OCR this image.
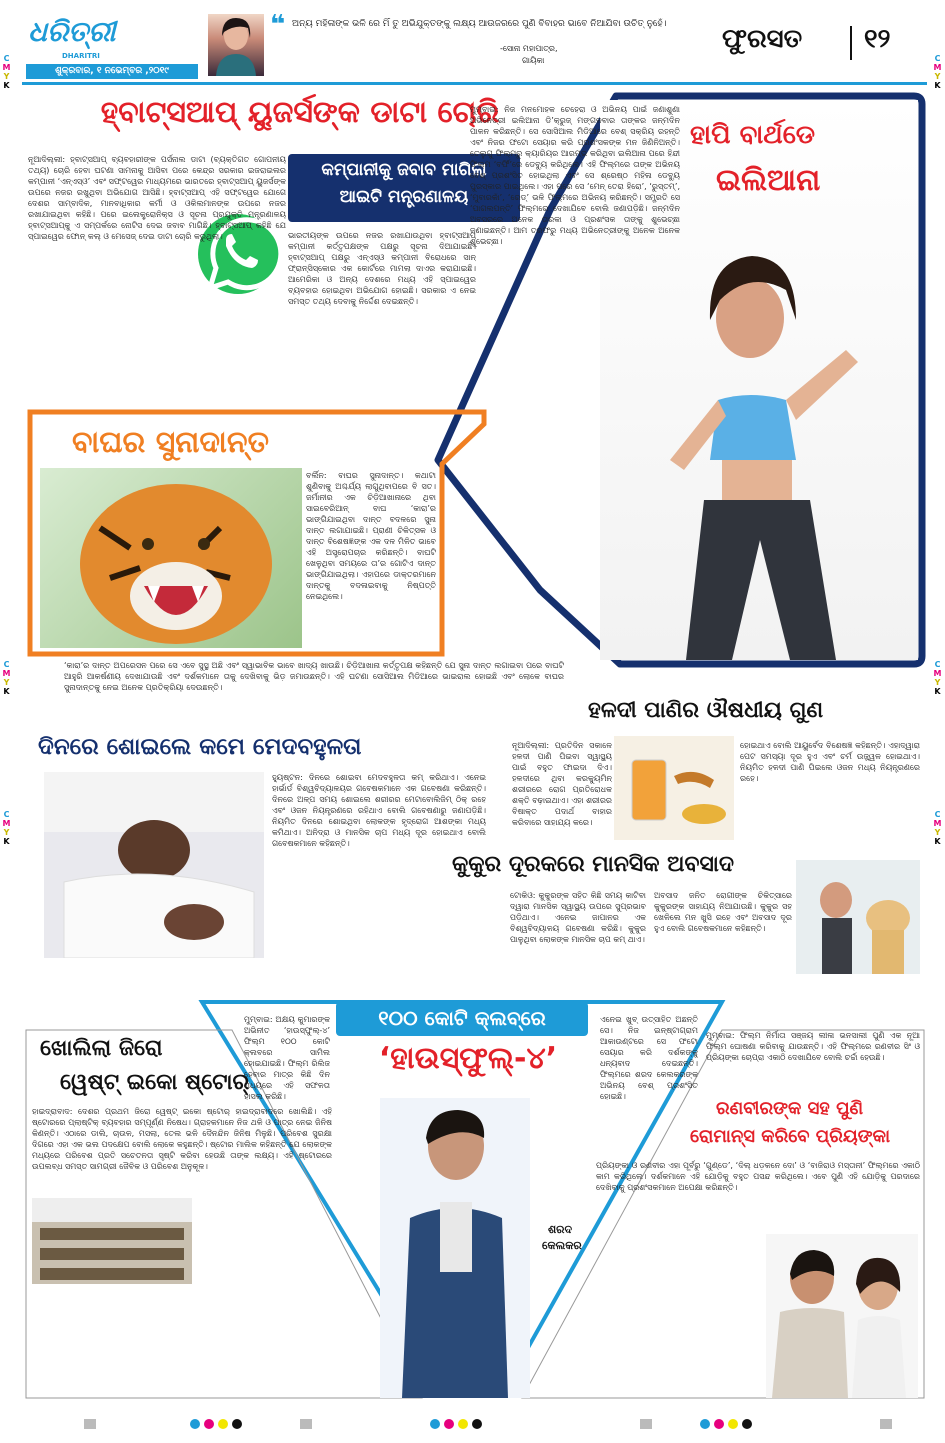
C
M
Y
K
C
M
Y
K
C
M
Y
K
C
M
Y
K
C
M
Y
K
C
M
Y
K
ଧରିତ୍ରୀ
DHARITRI
ଶୁକ୍ରବାର, ୧ ନଭେମ୍ବର ,୨୦୧୯
❝ ଅନ୍ୟ ମହିଳାଙ୍କ ଭଳି ରେ ମିଁ ତୁ ଅଭିଯୁକ୍ତଙ୍କୁ ଲକ୍ଷ୍ୟ ଆଉଜରରେ ପୁଣି ବିବାହର ଭାବେ ନିଆଯିବା ଉଚିତ୍ ନୁହେଁ।
-ସୋନା ମହାପାତ୍ର,
ଗାୟିକା
ଫୁରସତ ୧୨
ହ୍ବାଟ୍ସଆପ୍ ୟୁଜର୍ସଙ୍କ ଡାଟା ଚୋରି
କମ୍ପାନୀକୁ ଜବାବ ମାଗିଲା
ଆଇଟି ମନ୍ତ୍ରଣାଳୟ
ନୂଆଦିଲ୍ଲୀ: ହ୍ବାଟ୍ସଆପ୍ ବ୍ୟବହାରୀଙ୍କ ପର୍ସନାଲ ଡାଟା (ବ୍ୟକ୍ତିଗତ ଗୋପନୀୟ ତଥ୍ୟ) ଚୋରି ହେବା ଘଟଣା ସାମନାକୁ ଆସିବା ପରେ କେନ୍ଦ୍ର ସରକାର ଇଜରାଇଲର କମ୍ପାନୀ ‘ଏନ୍‌ଏସ୍‌ଓ’ ଏବଂ ସଫ୍ଟୱେର ମାଧ୍ୟମରେ ଭାରତରେ ହ୍ବାଟ୍ସଆପ୍ ୟୁଜର୍ସଙ୍କ ଉପରେ ନଜର ରଖୁଥିବା ଅଭିଯୋଗ ଆସିଛି। ହ୍ବାଟ୍ସଆପ୍ ଏହି ସଫ୍ଟୱେର ଯୋଗେ ଦେଶର ସାମ୍ବାଦିକ, ମାନବାଧିକାର କର୍ମୀ ଓ ଓକିଲମାନଙ୍କ ଉପରେ ନଜର ରଖାଯାଇଥିବା କହିଛି। ପରେ ଇଲେକ୍ଟ୍ରୋନିକ୍ସ ଓ ସୂଚନା ପ୍ରଯୁକ୍ତି ମନ୍ତ୍ରଣାଳୟ ହ୍ବାଟ୍ସଆପ୍‌କୁ ଏ ସମ୍ପର୍କରେ ନୋଟିସ ଦେଇ ଜବାବ ମାଗିଛି। ହ୍ବାଟ୍ସଆପ୍ କହିଛି ଯେ ସ୍ପାଇୱେର ଫୋନ୍ କଲ୍ ଓ ମେସେଜ୍ ଦେଇ ଡାଟା ଚୋରି କରୁଥିଲା।	ଭାରତୀୟଙ୍କ ଉପରେ ନଜର ରଖାଯାଉଥିବା ହ୍ବାଟ୍ସଆପ୍ କମ୍ପାନୀ କର୍ତ୍ତୃପକ୍ଷଙ୍କ ପକ୍ଷରୁ ସୂଚନା ଦିଆଯାଇଛି। ହ୍ବାଟ୍ସଆପ୍ ପକ୍ଷରୁ ଏନ୍‌ଏସ୍‌ଓ କମ୍ପାନୀ ବିରୋଧରେ ସାନ୍ ଫ୍ରାନ୍ସିସ୍କୋର ଏକ କୋର୍ଟରେ ମାମଲା ଦାଏର କରାଯାଇଛି। ଆମେରିକା ଓ ଅନ୍ୟ ଦେଶରେ ମଧ୍ୟ ଏହି ସ୍ପାଇୱେର ବ୍ୟବହାର ହୋଇଥିବା ଅଭିଯୋଗ ହୋଇଛି। ସରକାର ଏ ନେଇ ସମସ୍ତ ତଥ୍ୟ ଦେବାକୁ ନିର୍ଦ୍ଦେଶ ଦେଇଛନ୍ତି।
ହାପି ବାର୍ଥଡେ
ଇଲିଆନା
ମୁମ୍ବାଇ: ନିଜ ମନମୋହକ ଚେହେରା ଓ ଅଭିନୟ ପାଇଁ ଜଣାଶୁଣା ଅଭିନେତ୍ରୀ ଇଲିଆନା ଡି’କ୍ରୁଜ୍ ମଙ୍ଗଳବାର ତାଙ୍କର ଜନ୍ମଦିନ ପାଳନ କରିଛନ୍ତି। ସେ ସୋସିଆଲ ମିଡିଆରେ ବେଶ୍ ସକ୍ରିୟ ରହନ୍ତି ଏବଂ ନିଜର ଫଟୋ ସେୟାର କରି ପ୍ରଶଂସକଙ୍କ ମନ ଜିଣିନିଅନ୍ତି। ତେଲୁଗୁ ଫିଲ୍ମରୁ କ୍ୟାରିୟର ଆରମ୍ଭ କରିଥିବା ଇଲିଆନା ପରେ ହିନ୍ଦୀ ଫିଲ୍ମ ‘ବର୍ଫି’ରେ ଡେବ୍ୟୁ କରିଥିଲେ। ଏହି ଫିଲ୍ମରେ ତାଙ୍କ ଅଭିନୟ ବେଶ୍ ପ୍ରଶଂସିତ ହୋଇଥିଲା ଏବଂ ସେ ଶ୍ରେଷ୍ଠ ମହିଳା ଡେବ୍ୟୁ ପୁରସ୍କାର ପାଇଥିଲେ। ଏହା ପରେ ସେ ‘ମେନ୍ ତେରା ହିରୋ’, ‘ରୁସ୍ତମ୍’, ‘ମୁବାରକାଁ’, ‘ରେଡ୍’ ଭଳି ଫିଲ୍ମରେ ଅଭିନୟ କରିଛନ୍ତି। ସମ୍ପ୍ରତି ସେ ‘ପାଗଲପନ୍ତି’ ଫିଲ୍ମରେ ଦେଖାଯିବେ ବୋଲି ଜଣାପଡ଼ିଛି। ଜନ୍ମଦିନ ଅବସରରେ ଅନେକ ତାରକା ଓ ପ୍ରଶଂସକ ତାଙ୍କୁ ଶୁଭେଚ୍ଛା ଜଣାଇଛନ୍ତି। ଆମ ତରଫରୁ ମଧ୍ୟ ଅଭିନେତ୍ରୀଙ୍କୁ ଅନେକ ଅନେକ ଶୁଭେଚ୍ଛା।
ବାଘର ସୁନାଦାନ୍ତ
ବର୍ଲିନ: ବାଘର ସୁନାଦାନ୍ତ। କଥାଟା ଶୁଣିବାକୁ ଅଶ୍ଚର୍ଯ୍ୟ ଲାଗୁଥିବାପରେ ବି ସତ। ଜର୍ମାନୀର ଏକ ଚିଡ଼ିଆଖାନାରେ ଥିବା ସାଇବେରିଆନ୍ ବାଘ ‘କାରା’ର ଭାଙ୍ଗିଯାଇଥିବା ଦାନ୍ତ ବଦଳରେ ସୁନା ଦାନ୍ତ ଲଗାଯାଇଛି। ପ୍ରାଣୀ ଚିକିତ୍ସକ ଓ ଦାନ୍ତ ବିଶେଷଜ୍ଞଙ୍କ ଏକ ଦଳ ମିଳିତ ଭାବେ ଏହି ଅସ୍ତ୍ରୋପଚାର କରିଛନ୍ତି। ବାଘଟି ଖେଳୁଥିବା ସମୟରେ ତା’ର ଗୋଟିଏ ଦାନ୍ତ ଭାଙ୍ଗିଯାଇଥିଲା। ଏହାପରେ ଡାକ୍ତରମାନେ ଦାନ୍ତକୁ ବଦଳାଇବାକୁ ନିଷ୍ପତ୍ତି ନେଇଥିଲେ।
‘କାରା’ର ଦାନ୍ତ ଅପରେସନ ପରେ ସେ ଏବେ ସୁସ୍ଥ ଅଛି ଏବଂ ସ୍ୱାଭାବିକ ଭାବେ ଖାଦ୍ୟ ଖାଉଛି। ଚିଡ଼ିଆଖାନା କର୍ତ୍ତୃପକ୍ଷ କହିଛନ୍ତି ଯେ ସୁନା ଦାନ୍ତ ଲଗାଇବା ପରେ ବାଘଟି ଆହୁରି ଆକର୍ଷଣୀୟ ଦେଖାଯାଉଛି ଏବଂ ଦର୍ଶକମାନେ ତାକୁ ଦେଖିବାକୁ ଭିଡ଼ ଜମାଉଛନ୍ତି। ଏହି ଘଟଣା ସୋସିଆଲ ମିଡିଆରେ ଭାଇରାଲ ହୋଇଛି ଏବଂ ଲୋକେ ବାଘର ସୁନାଦାନ୍ତକୁ ନେଇ ଅନେକ ପ୍ରତିକ୍ରିୟା ଦେଉଛନ୍ତି।
ହଳଦୀ ପାଣିର ଔଷଧୀୟ ଗୁଣ
ନୂଆଦିଲ୍ଲୀ: ପ୍ରତିଦିନ ସକାଳେ ହଳଦୀ ପାଣି ପିଇବା ସ୍ୱାସ୍ଥ୍ୟ ପାଇଁ ବହୁତ ଫାଇଦା ଦିଏ। ହଳଦୀରେ ଥିବା କରକ୍ୟୁମିନ୍ ଶରୀରରେ ରୋଗ ପ୍ରତିରୋଧକ ଶକ୍ତି ବଢ଼ାଇଥାଏ। ଏହା ଶରୀରର ବିଷାକ୍ତ ପଦାର୍ଥ ବାହାର କରିବାରେ ସାହାଯ୍ୟ କରେ।
ହୋଇଥାଏ ବୋଲି ଆୟୁର୍ବେଦ ବିଶେଷଜ୍ଞ କହିଛନ୍ତି। ଏହାଦ୍ୱାରା ପେଟ ସମସ୍ୟା ଦୂର ହୁଏ ଏବଂ ଚର୍ମ ଉଜ୍ଜ୍ୱଳ ହୋଇଥାଏ। ନିୟମିତ ହଳଦୀ ପାଣି ପିଇଲେ ଓଜନ ମଧ୍ୟ ନିୟନ୍ତ୍ରଣରେ ରହେ।
ଦିନରେ ଶୋଇଲେ କମେ ମେଦବହୁଳତା
ହ୍ୟୁଷ୍ଟନ: ଦିନରେ ଶୋଇବା ମେଦବହୁଳତା କମ୍ କରିଥାଏ। ଏନେଇ ହାର୍ଭାର୍ଡ ବିଶ୍ୱବିଦ୍ୟାଳୟର ଗବେଷକମାନେ ଏକ ଗବେଷଣା କରିଛନ୍ତି। ଦିନରେ ଅଳ୍ପ ସମୟ ଶୋଇଲେ ଶରୀରର ମେଟାବୋଲିଜିମ୍ ଠିକ୍ ରହେ ଏବଂ ଓଜନ ନିୟନ୍ତ୍ରଣରେ ରହିଥାଏ ବୋଲି ଗବେଷଣାରୁ ଜଣାପଡ଼ିଛି। ନିୟମିତ ଦିନରେ ଶୋଇଥିବା ଲୋକଙ୍କ ହୃଦ୍‌ରୋଗ ଆଶଙ୍କା ମଧ୍ୟ କମିଥାଏ। ଅନିଦ୍ରା ଓ ମାନସିକ ଚାପ ମଧ୍ୟ ଦୂର ହୋଇଥାଏ ବୋଲି ଗବେଷକମାନେ କହିଛନ୍ତି।
କୁକୁର ଦୂରକରେ ମାନସିକ ଅବସାଦ
ଟୋକିଓ: କୁକୁରଙ୍କ ସହିତ କିଛି ସମୟ କାଟିବା ଦ୍ୱାରା ମାନସିକ ସ୍ୱାସ୍ଥ୍ୟ ଉପରେ ସୁପ୍ରଭାବ ପଡ଼ିଥାଏ। ଏନେଇ ଜାପାନର ଏକ ବିଶ୍ୱବିଦ୍ୟାଳୟ ଗବେଷଣା କରିଛି। କୁକୁର ପାଳୁଥିବା ଲୋକଙ୍କ ମାନସିକ ଚାପ କମ୍ ଥାଏ।
ଅବସାଦ ଜନିତ ରୋଗୀଙ୍କ ଚିକିତ୍ସାରେ କୁକୁରଙ୍କ ସାହାଯ୍ୟ ନିଆଯାଉଛି। କୁକୁର ସହ ଖେଳିଲେ ମନ ଖୁସି ରହେ ଏବଂ ଅବସାଦ ଦୂର ହୁଏ ବୋଲି ଗବେଷକମାନେ କହିଛନ୍ତି।
ଖୋଲିଲା ଜିରୋ
ୱେଷ୍ଟ୍ ଇକୋ ଷ୍ଟୋର୍
ହାଇଦ୍ରାବାଦ: ଦେଶର ପ୍ରଥମ ଜିରୋ ୱେଷ୍ଟ୍ ଇକୋ ଷ୍ଟୋର୍ ହାଇଦ୍ରାବାଦରେ ଖୋଲିଛି। ଏହି ଷ୍ଟୋରରେ ପ୍ଲାଷ୍ଟିକ୍ ବ୍ୟବହାର ସମ୍ପୂର୍ଣ୍ଣ ନିଷେଧ। ଗ୍ରାହକମାନେ ନିଜ ଥଳି ଓ ପାତ୍ର ନେଇ ଜିନିଷ କିଣନ୍ତି। ଏଠାରେ ଡାଲି, ଚାଉଳ, ମସଲା, ତେଲ ଭଳି ଦୈନନ୍ଦିନ ଜିନିଷ ମିଳୁଛି। ପରିବେଶ ସୁରକ୍ଷା ଦିଗରେ ଏହା ଏକ ଭଲ ପଦକ୍ଷେପ ବୋଲି ଲୋକେ କହୁଛନ୍ତି। ଷ୍ଟୋର ମାଲିକ କହିଛନ୍ତି ଯେ ଲୋକଙ୍କ ମଧ୍ୟରେ ପରିବେଶ ପ୍ରତି ସଚେତନତା ସୃଷ୍ଟି କରିବା ହେଉଛି ତାଙ୍କ ଲକ୍ଷ୍ୟ। ଏହି ଷ୍ଟୋରରେ ଉପଲବ୍ଧ ସମସ୍ତ ସାମଗ୍ରୀ ଜୈବିକ ଓ ପରିବେଶ ଅନୁକୂଳ।
୧୦୦ କୋଟି କ୍ଲବ୍‌ରେ
‘ହାଉସ୍‌ଫୁଲ୍-୪’
ମୁମ୍ବାଇ: ଅକ୍ଷୟ କୁମାରଙ୍କ ଅଭିନୀତ ‘ହାଉସ୍‌ଫୁଲ୍-୪’ ଫିଲ୍ମ ୧୦୦ କୋଟି କ୍ଲବରେ ସାମିଲ ହୋଇଯାଇଛି। ଫିଲ୍ମ ରିଲିଜ ହେବାର ମାତ୍ର କିଛି ଦିନ ମଧ୍ୟରେ ଏହି ସଫଳତା ହାସଲ କରିଛି।
ଏନେଇ ଖୁବ୍ ଉତ୍ସାହିତ ଅଛନ୍ତି ସେ। ନିଜ ଇନ୍‌ଷ୍ଟାଗ୍ରାମ ଆକାଉଣ୍ଟରେ ସେ ଫଟୋ ସେୟାର କରି ଦର୍ଶକଙ୍କୁ ଧନ୍ୟବାଦ ଦେଇଛନ୍ତି। ଫିଲ୍ମରେ ଶରଦ କେଲକରଙ୍କ ଅଭିନୟ ବେଶ୍ ପ୍ରଶଂସିତ ହୋଇଛି।
ଶରଦ
କେଲକର
ମୁମ୍ବାଇ: ଫିଲ୍ମ ନିର୍ମାତା ସଞ୍ଜୟ ଲୀଳା ଭନସାଲୀ ପୁଣି ଏକ ନୂଆ ଫିଲ୍ମ ଘୋଷଣା କରିବାକୁ ଯାଉଛନ୍ତି। ଏହି ଫିଲ୍ମରେ ରଣବୀର ସିଂ ଓ ପ୍ରିୟଙ୍କା ଚୋପ୍ରା ଏକାଠି ଦେଖାଯିବେ ବୋଲି ଚର୍ଚ୍ଚା ହେଉଛି।
ରଣବୀରଙ୍କ ସହ ପୁଣି
ରୋମାନ୍ସ କରିବେ ପ୍ରିୟଙ୍କା
ପ୍ରିୟଙ୍କା ଓ ରଣବୀର ଏହା ପୂର୍ବରୁ ‘ଗୁଣ୍ଡେ’, ‘ଦିଲ୍ ଧଡ଼କନେ ଦୋ’ ଓ ‘ବାଜିରାଓ ମସ୍ତାନୀ’ ଫିଲ୍ମରେ ଏକାଠି କାମ କରିଥିଲେ। ଦର୍ଶକମାନେ ଏହି ଯୋଡ଼ିକୁ ବହୁତ ପସନ୍ଦ କରିଥିଲେ। ଏବେ ପୁଣି ଏହି ଯୋଡ଼ିକୁ ପରଦାରେ ଦେଖିବାକୁ ପ୍ରଶଂସକମାନେ ଅପେକ୍ଷା କରିଛନ୍ତି।
